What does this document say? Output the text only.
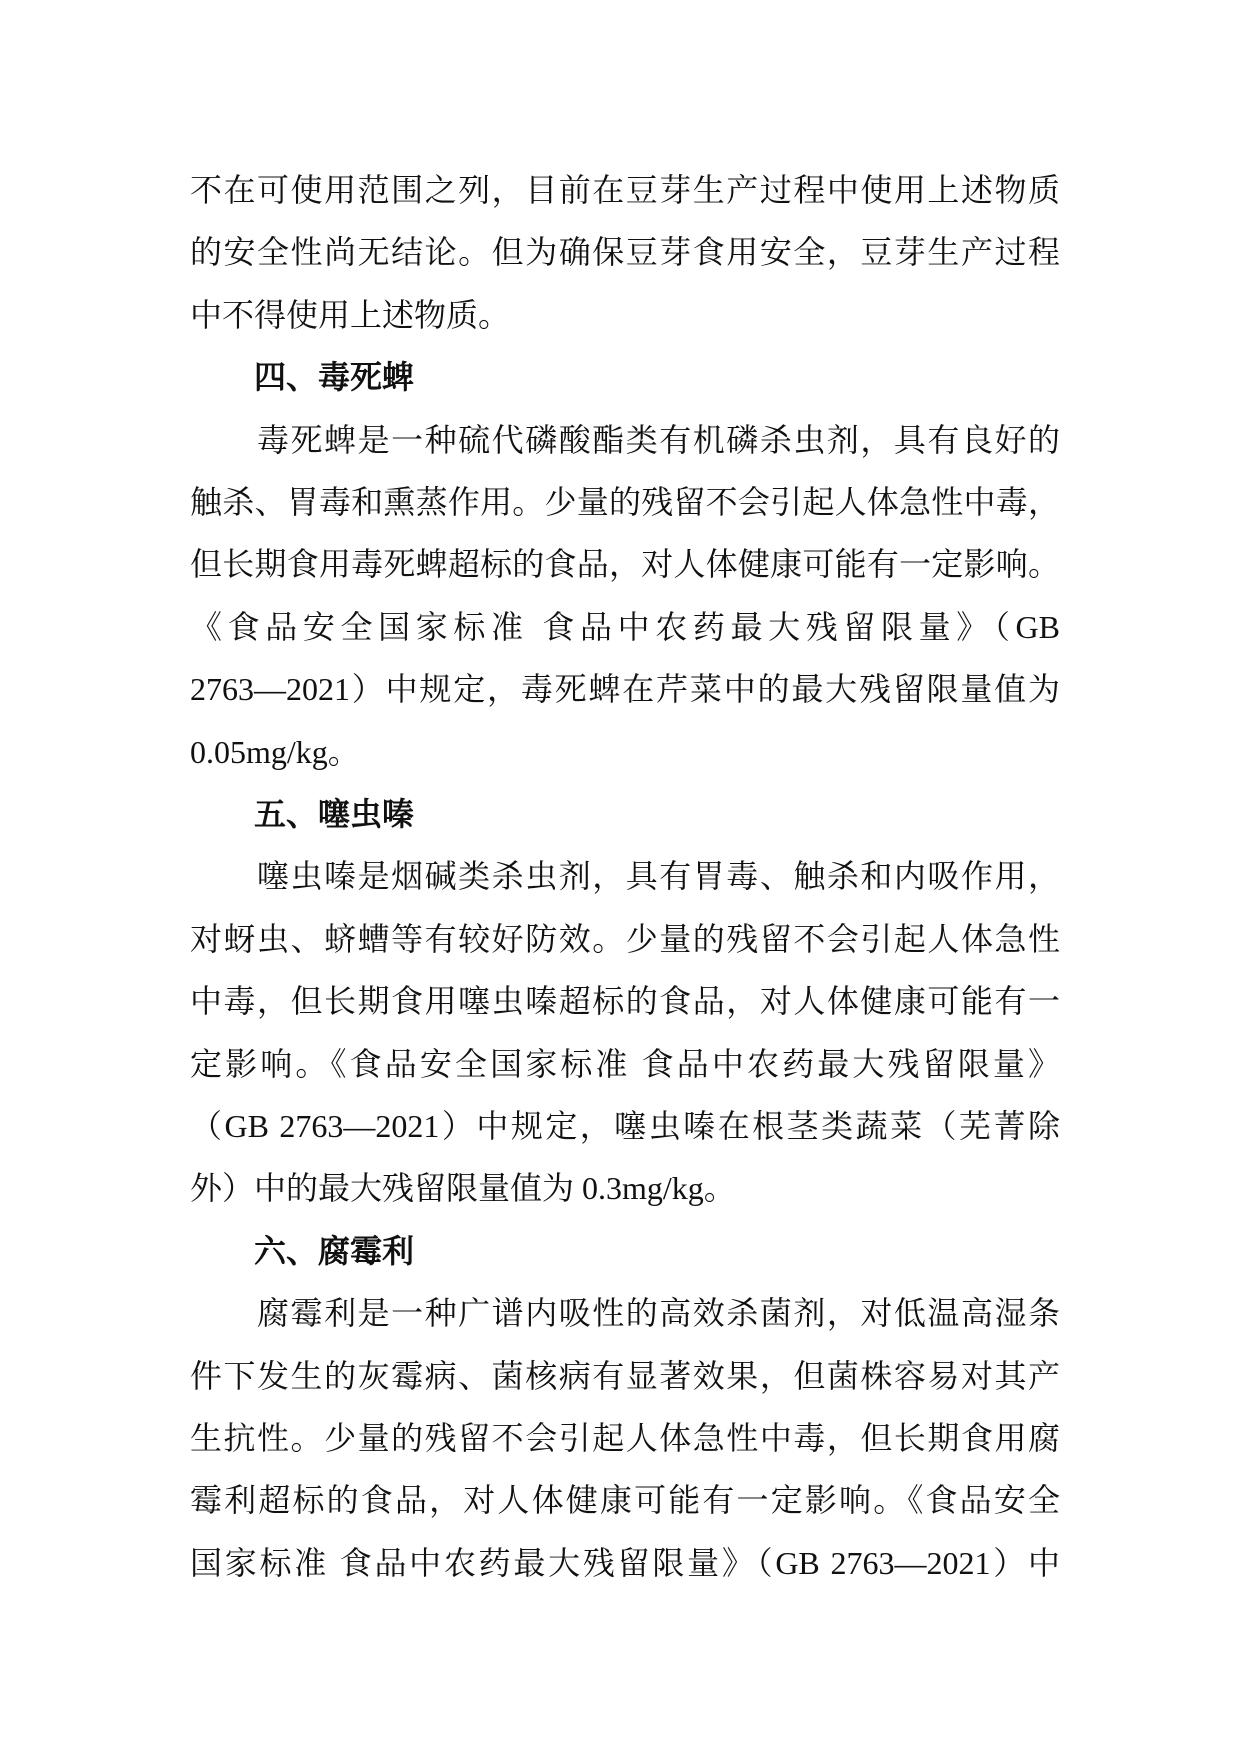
不在可使用范围之列，目前在豆芽生产过程中使用上述物质
的安全性尚无结论。但为确保豆芽食用安全，豆芽生产过程
中不得使用上述物质。
　　四、毒死蜱
　　毒死蜱是一种硫代磷酸酯类有机磷杀虫剂，具有良好的
触杀、胃毒和熏蒸作用。少量的残留不会引起人体急性中毒，
但长期食用毒死蜱超标的食品，对人体健康可能有一定影响。
《食品安全国家标准 食品中农药最大残留限量》（GB
2763—2021）中规定，毒死蜱在芹菜中的最大残留限量值为
0.05mg/kg。
　　五、噻虫嗪
　　噻虫嗪是烟碱类杀虫剂，具有胃毒、触杀和内吸作用，
对蚜虫、蛴螬等有较好防效。少量的残留不会引起人体急性
中毒，但长期食用噻虫嗪超标的食品，对人体健康可能有一
定影响。《食品安全国家标准 食品中农药最大残留限量》
（GB 2763—2021）中规定，噻虫嗪在根茎类蔬菜（芜菁除
外）中的最大残留限量值为 0.3mg/kg。
　　六、腐霉利
　　腐霉利是一种广谱内吸性的高效杀菌剂，对低温高湿条
件下发生的灰霉病、菌核病有显著效果，但菌株容易对其产
生抗性。少量的残留不会引起人体急性中毒，但长期食用腐
霉利超标的食品，对人体健康可能有一定影响。《食品安全
国家标准 食品中农药最大残留限量》（GB 2763—2021）中
